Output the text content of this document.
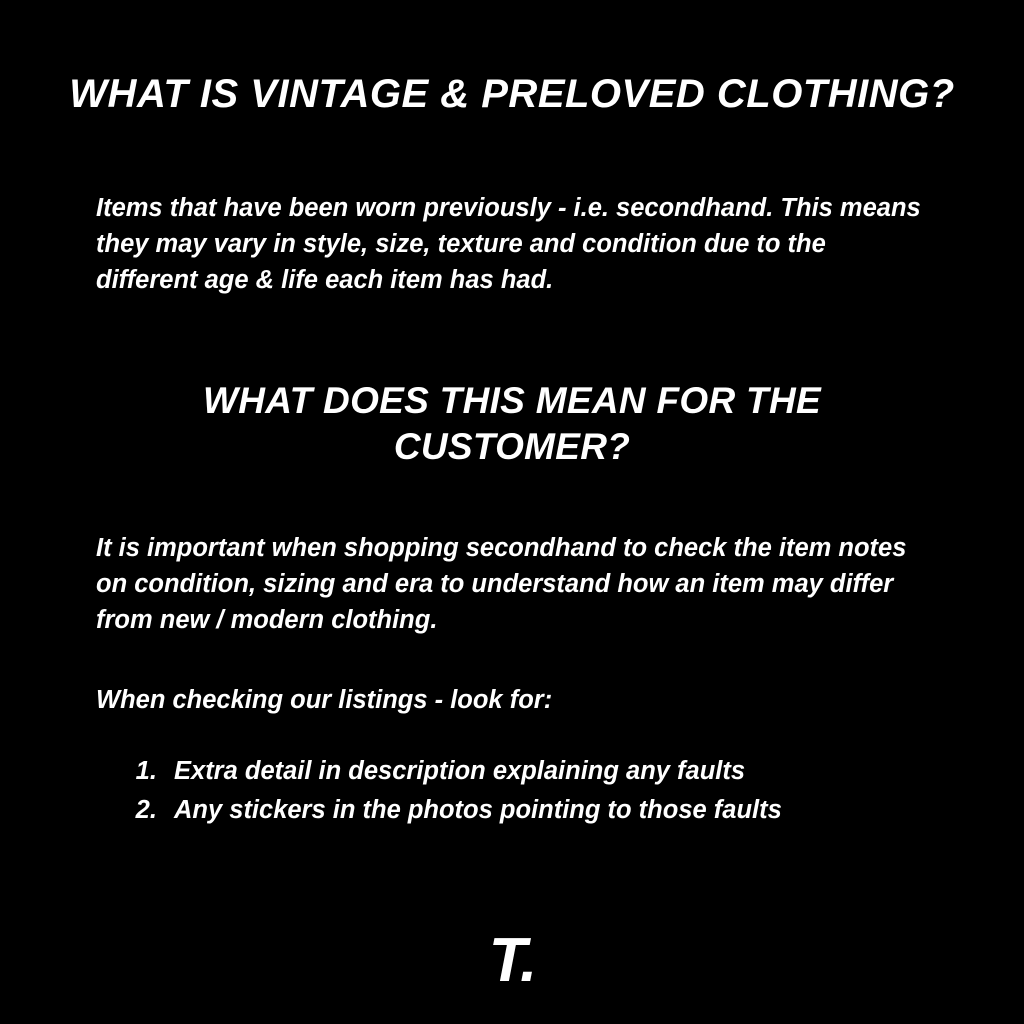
WHAT IS VINTAGE & PRELOVED CLOTHING?
Items that have been worn previously - i.e. secondhand. This means they may vary in style, size, texture and condition due to the different age & life each item has had.
WHAT DOES THIS MEAN FOR THE CUSTOMER?
It is important when shopping secondhand to check the item notes on condition, sizing and era to understand how an item may differ from new / modern clothing.
When checking our listings - look for:
1. Extra detail in description explaining any faults
2. Any stickers in the photos pointing to those faults
T.
